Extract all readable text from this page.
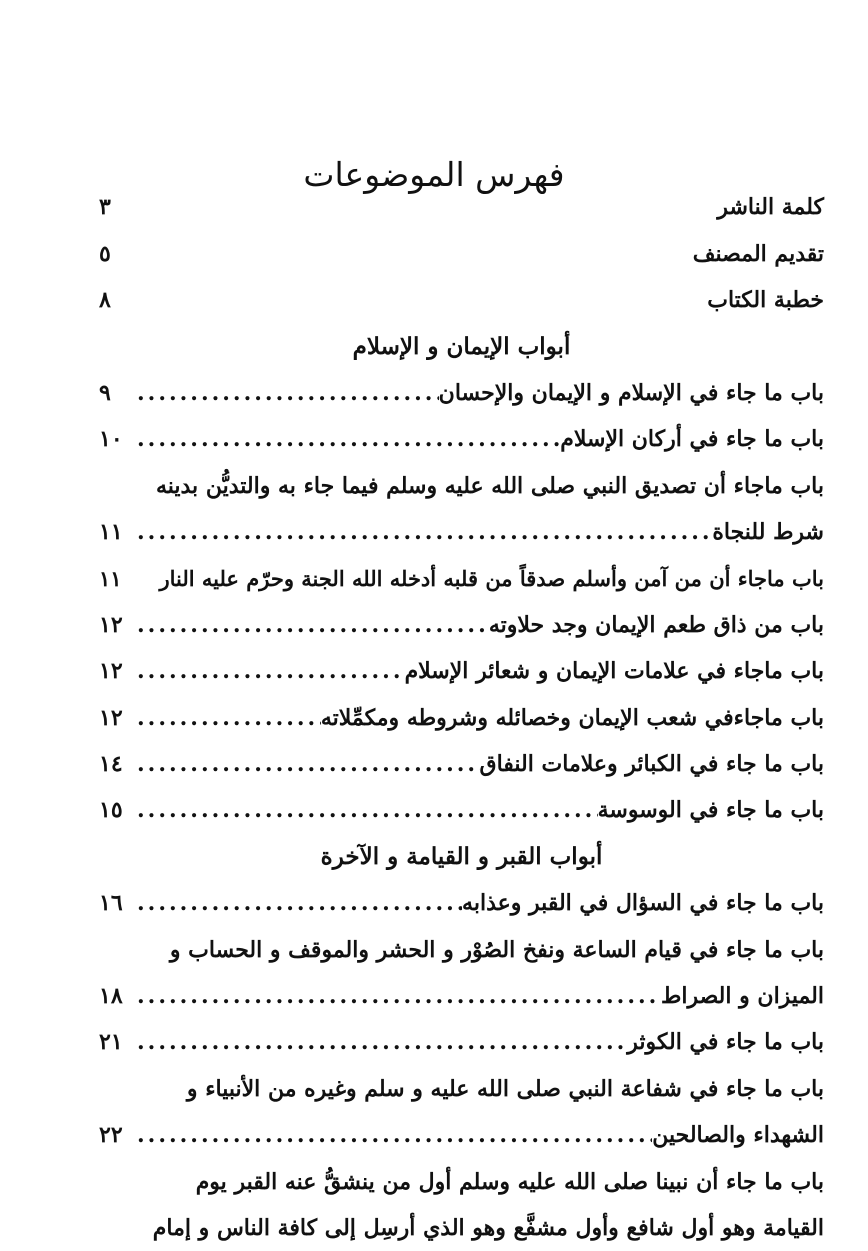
فهرس الموضوعات
كلمة الناشر
٣
تقديم المصنف
٥
خطبة الكتاب
٨
أبواب الإيمان و الإسلام
باب ما جاء في الإسلام و الإيمان والإحسان
.....
٩
باب ما جاء في أركان الإسلام
.....
١٠
باب ماجاء أن تصديق النبي صلى الله عليه وسلم فيما جاء به والتديُّن بدينه
شرط للنجاة
.....
١١
باب ماجاء أن من آمن وأسلم صدقاً من قلبه أدخله الله الجنة وحرّم عليه النار
١١
باب من ذاق طعم الإيمان وجد حلاوته
.....
١٢
باب ماجاء في علامات الإيمان و شعائر الإسلام
.....
١٢
باب ماجاءفي شعب الإيمان وخصائله وشروطه ومكمِّلاته
.....
١٢
باب ما جاء في الكبائر وعلامات النفاق
.....
١٤
باب ما جاء في الوسوسة
.....
١٥
أبواب القبر و القيامة و الآخرة
باب ما جاء في السؤال في القبر وعذابه
.....
١٦
باب ما جاء في قيام الساعة ونفخ الصُوْر و الحشر والموقف و الحساب و
الميزان و الصراط
.....
١٨
باب ما جاء في الكوثر
.....
٢١
باب ما جاء في شفاعة النبي صلى الله عليه و سلم وغيره من الأنبياء و
الشهداء والصالحين
.....
٢٢
باب ما جاء أن نبينا صلى الله عليه وسلم أول من ينشقُّ عنه القبر يوم
القيامة وهو أول شافع وأول مشفَّع وهو الذي أرسِل إلى كافة الناس و إمام
